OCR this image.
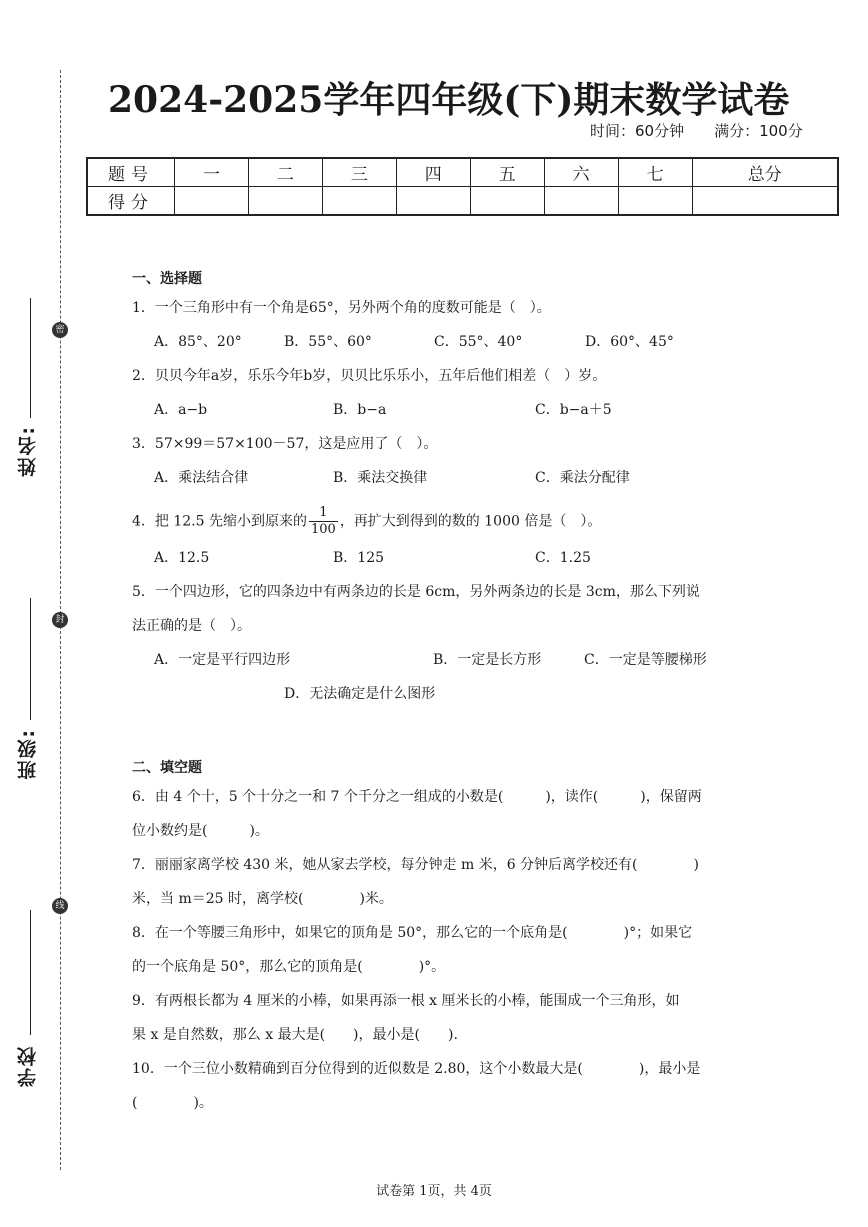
密
封
线
姓名:
班级:
学校
2024-2025学年四年级(下)期末数学试卷
时间：60分钟 满分：100分
题号	一	二	三	四	五	六	七	总分
得分								

一、选择题

1．一个三角形中有一个角是65°，另外两个角的度数可能是（　）。

A．85°、20°	B．55°、60°	C．55°、40°	D．60°、45°

2．贝贝今年a岁，乐乐今年b岁，贝贝比乐乐小，五年后他们相差（　）岁。

A．a−b	B．b−a	C．b−a＋5

3．57×99＝57×100－57，这是应用了（　）。

A．乘法结合律	B．乘法交换律	C．乘法分配律

4．把 12.5 先缩小到原来的 $\frac{1}{100}$ ，再扩大到得到的数的 1000 倍是（　）。

A．12.5	B．125	C．1.25

5．一个四边形，它的四条边中有两条边的长是 6cm，另外两条边的长是 3cm，那么下列说

法正确的是（　）。

A．一定是平行四边形	B．一定是长方形	C．一定是等腰梯形

D．无法确定是什么图形

二、填空题

6．由 4 个十，5 个十分之一和 7 个千分之一组成的小数是(　　　)，读作(　　　)，保留两

位小数约是(　　　)。

7．丽丽家离学校 430 米，她从家去学校，每分钟走 m 米，6 分钟后离学校还有(　　　　)

米，当 m＝25 时，离学校(　　　　)米。

8．在一个等腰三角形中，如果它的顶角是 50°，那么它的一个底角是(　　　　)°；如果它

的一个底角是 50°，那么它的顶角是(　　　　)°。

9．有两根长都为 4 厘米的小棒，如果再添一根 x 厘米长的小棒，能围成一个三角形，如

果 x 是自然数，那么 x 最大是(　　)，最小是(　　).

10．一个三位小数精确到百分位得到的近似数是 2.80，这个小数最大是(　　　　)，最小是

(　　　　)。

试卷第 1页，共 4页
